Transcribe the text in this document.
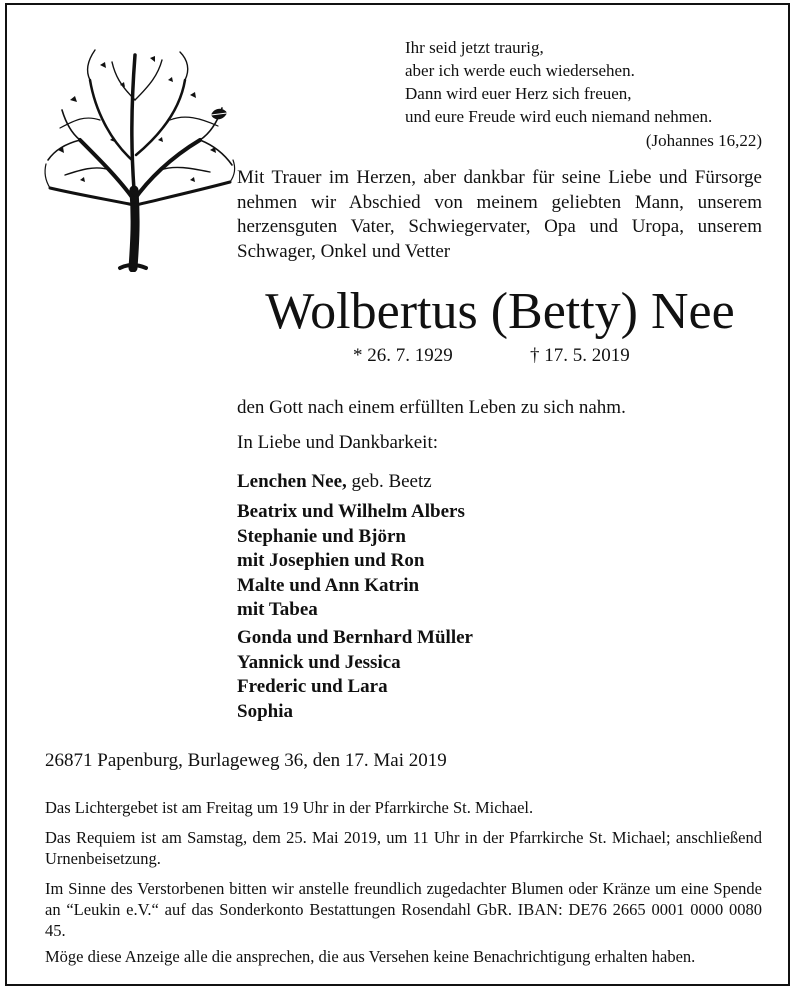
Ihr seid jetzt traurig,
aber ich werde euch wiedersehen.
Dann wird euer Herz sich freuen,
und eure Freude wird euch niemand nehmen.
(Johannes 16,22)
Mit Trauer im Herzen, aber dankbar für seine Liebe und Fürsorge nehmen wir Abschied von meinem geliebten Mann, unserem herzensguten Vater, Schwiegervater, Opa und Uropa, unserem Schwager, Onkel und Vetter
Wolbertus (Betty) Nee
* 26. 7. 1929	† 17. 5. 2019
den Gott nach einem erfüllten Leben zu sich nahm.
In Liebe und Dankbarkeit:
Lenchen Nee, geb. Beetz
Beatrix und Wilhelm Albers
Stephanie und Björn
mit Josephien und Ron
Malte und Ann Katrin
mit Tabea
Gonda und Bernhard Müller
Yannick und Jessica
Frederic und Lara
Sophia
26871 Papenburg, Burlageweg 36, den 17. Mai 2019
Das Lichtergebet ist am Freitag um 19 Uhr in der Pfarrkirche St. Michael.
Das Requiem ist am Samstag, dem 25. Mai 2019, um 11 Uhr in der Pfarrkirche St. Michael; anschließend Urnenbeisetzung.
Im Sinne des Verstorbenen bitten wir anstelle freundlich zugedachter Blumen oder Kränze um eine Spende an “Leukin e.V.“ auf das Sonderkonto Bestattungen Rosendahl GbR. IBAN: DE76 2665 0001 0000 0080 45.
Möge diese Anzeige alle die ansprechen, die aus Versehen keine Benachrichtigung erhalten haben.
